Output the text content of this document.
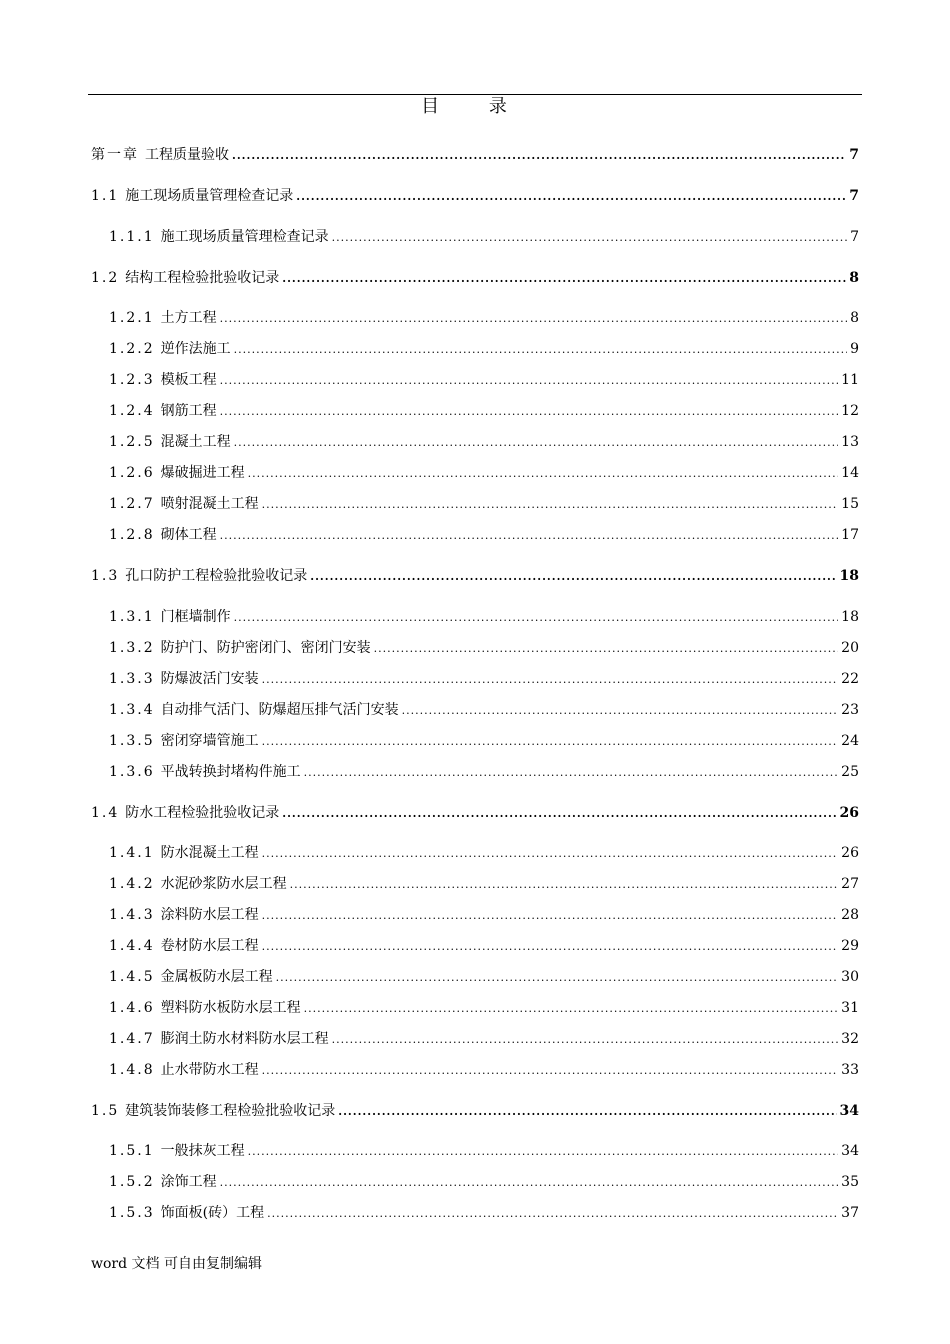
目 录
第一章 工程质量验收 .....	7
1.1 施工现场质量管理检查记录 .....	7
1.1.1 施工现场质量管理检查记录 .....	7
1.2 结构工程检验批验收记录 .....	8
1.2.1 土方工程 .....	8
1.2.2 逆作法施工 .....	9
1.2.3 模板工程 .....	11
1.2.4 钢筋工程 .....	12
1.2.5 混凝土工程 .....	13
1.2.6 爆破掘进工程 .....	14
1.2.7 喷射混凝土工程 .....	15
1.2.8 砌体工程 .....	17
1.3 孔口防护工程检验批验收记录 .....	18
1.3.1 门框墙制作 .....	18
1.3.2 防护门、防护密闭门、密闭门安装 .....	20
1.3.3 防爆波活门安装 .....	22
1.3.4 自动排气活门、防爆超压排气活门安装 .....	23
1.3.5 密闭穿墙管施工 .....	24
1.3.6 平战转换封堵构件施工 .....	25
1.4 防水工程检验批验收记录 .....	26
1.4.1 防水混凝土工程 .....	26
1.4.2 水泥砂浆防水层工程 .....	27
1.4.3 涂料防水层工程 .....	28
1.4.4 卷材防水层工程 .....	29
1.4.5 金属板防水层工程 .....	30
1.4.6 塑料防水板防水层工程 .....	31
1.4.7 膨润土防水材料防水层工程 .....	32
1.4.8 止水带防水工程 .....	33
1.5 建筑装饰装修工程检验批验收记录 .....	34
1.5.1 一般抹灰工程 .....	34
1.5.2 涂饰工程 .....	35
1.5.3 饰面板(砖）工程 .....	37
word 文档 可自由复制编辑
